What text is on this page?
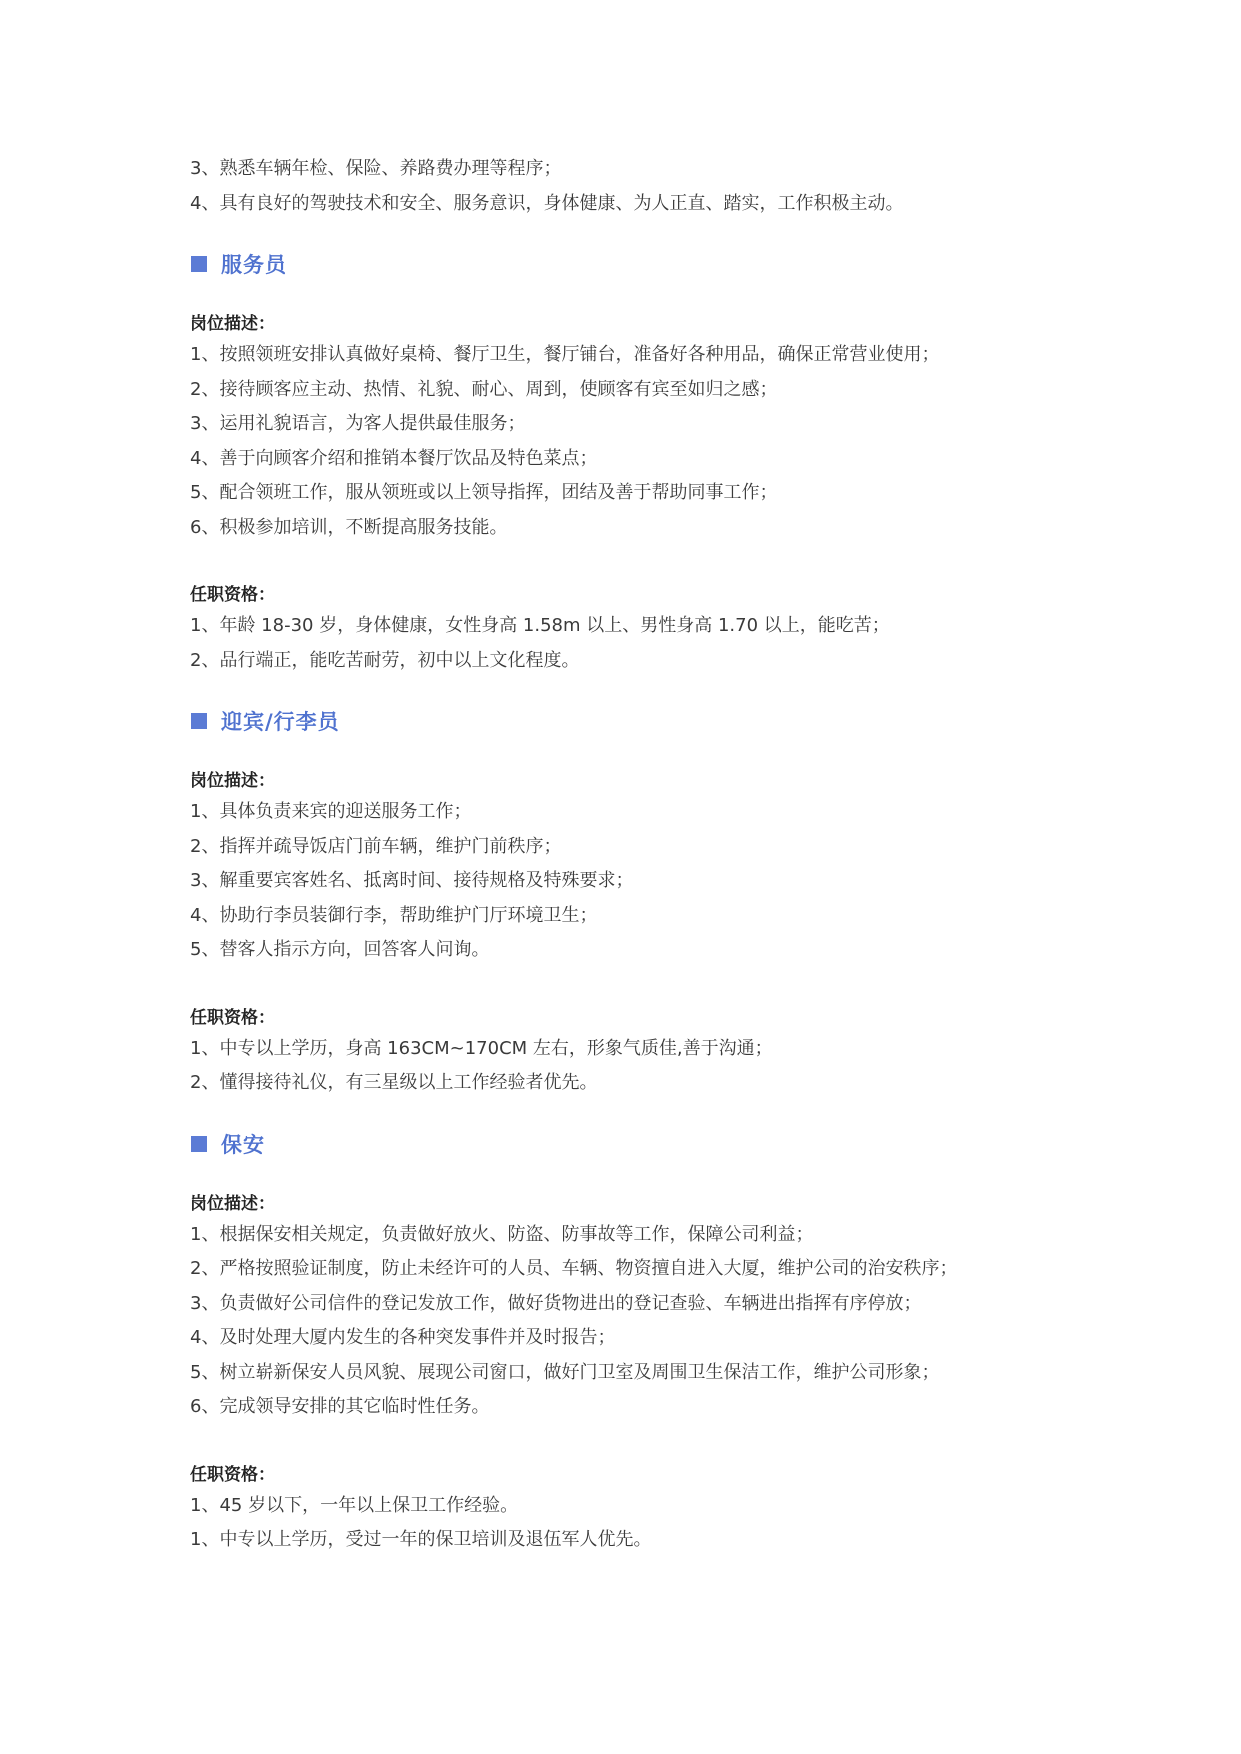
3、熟悉车辆年检、保险、养路费办理等程序；
4、具有良好的驾驶技术和安全、服务意识，身体健康、为人正直、踏实，工作积极主动。
服务员
岗位描述：
1、按照领班安排认真做好桌椅、餐厅卫生，餐厅铺台，准备好各种用品，确保正常营业使用；
2、接待顾客应主动、热情、礼貌、耐心、周到，使顾客有宾至如归之感；
3、运用礼貌语言，为客人提供最佳服务；
4、善于向顾客介绍和推销本餐厅饮品及特色菜点；
5、配合领班工作，服从领班或以上领导指挥，团结及善于帮助同事工作；
6、积极参加培训，不断提高服务技能。
任职资格：
1、年龄 18-30 岁，身体健康，女性身高 1.58m 以上、男性身高 1.70 以上，能吃苦；
2、品行端正，能吃苦耐劳，初中以上文化程度。
迎宾/行李员
岗位描述：
1、具体负责来宾的迎送服务工作；
2、指挥并疏导饭店门前车辆，维护门前秩序；
3、解重要宾客姓名、抵离时间、接待规格及特殊要求；
4、协助行李员装御行李，帮助维护门厅环境卫生；
5、替客人指示方向，回答客人问询。
任职资格：
1、中专以上学历，身高 163CM~170CM 左右，形象气质佳,善于沟通；
2、懂得接待礼仪，有三星级以上工作经验者优先。
保安
岗位描述：
1、根据保安相关规定，负责做好放火、防盗、防事故等工作，保障公司利益；
2、严格按照验证制度，防止未经许可的人员、车辆、物资擅自进入大厦，维护公司的治安秩序；
3、负责做好公司信件的登记发放工作，做好货物进出的登记查验、车辆进出指挥有序停放；
4、及时处理大厦内发生的各种突发事件并及时报告；
5、树立崭新保安人员风貌、展现公司窗口，做好门卫室及周围卫生保洁工作，维护公司形象；
6、完成领导安排的其它临时性任务。
任职资格：
1、45 岁以下，一年以上保卫工作经验。
1、中专以上学历，受过一年的保卫培训及退伍军人优先。
